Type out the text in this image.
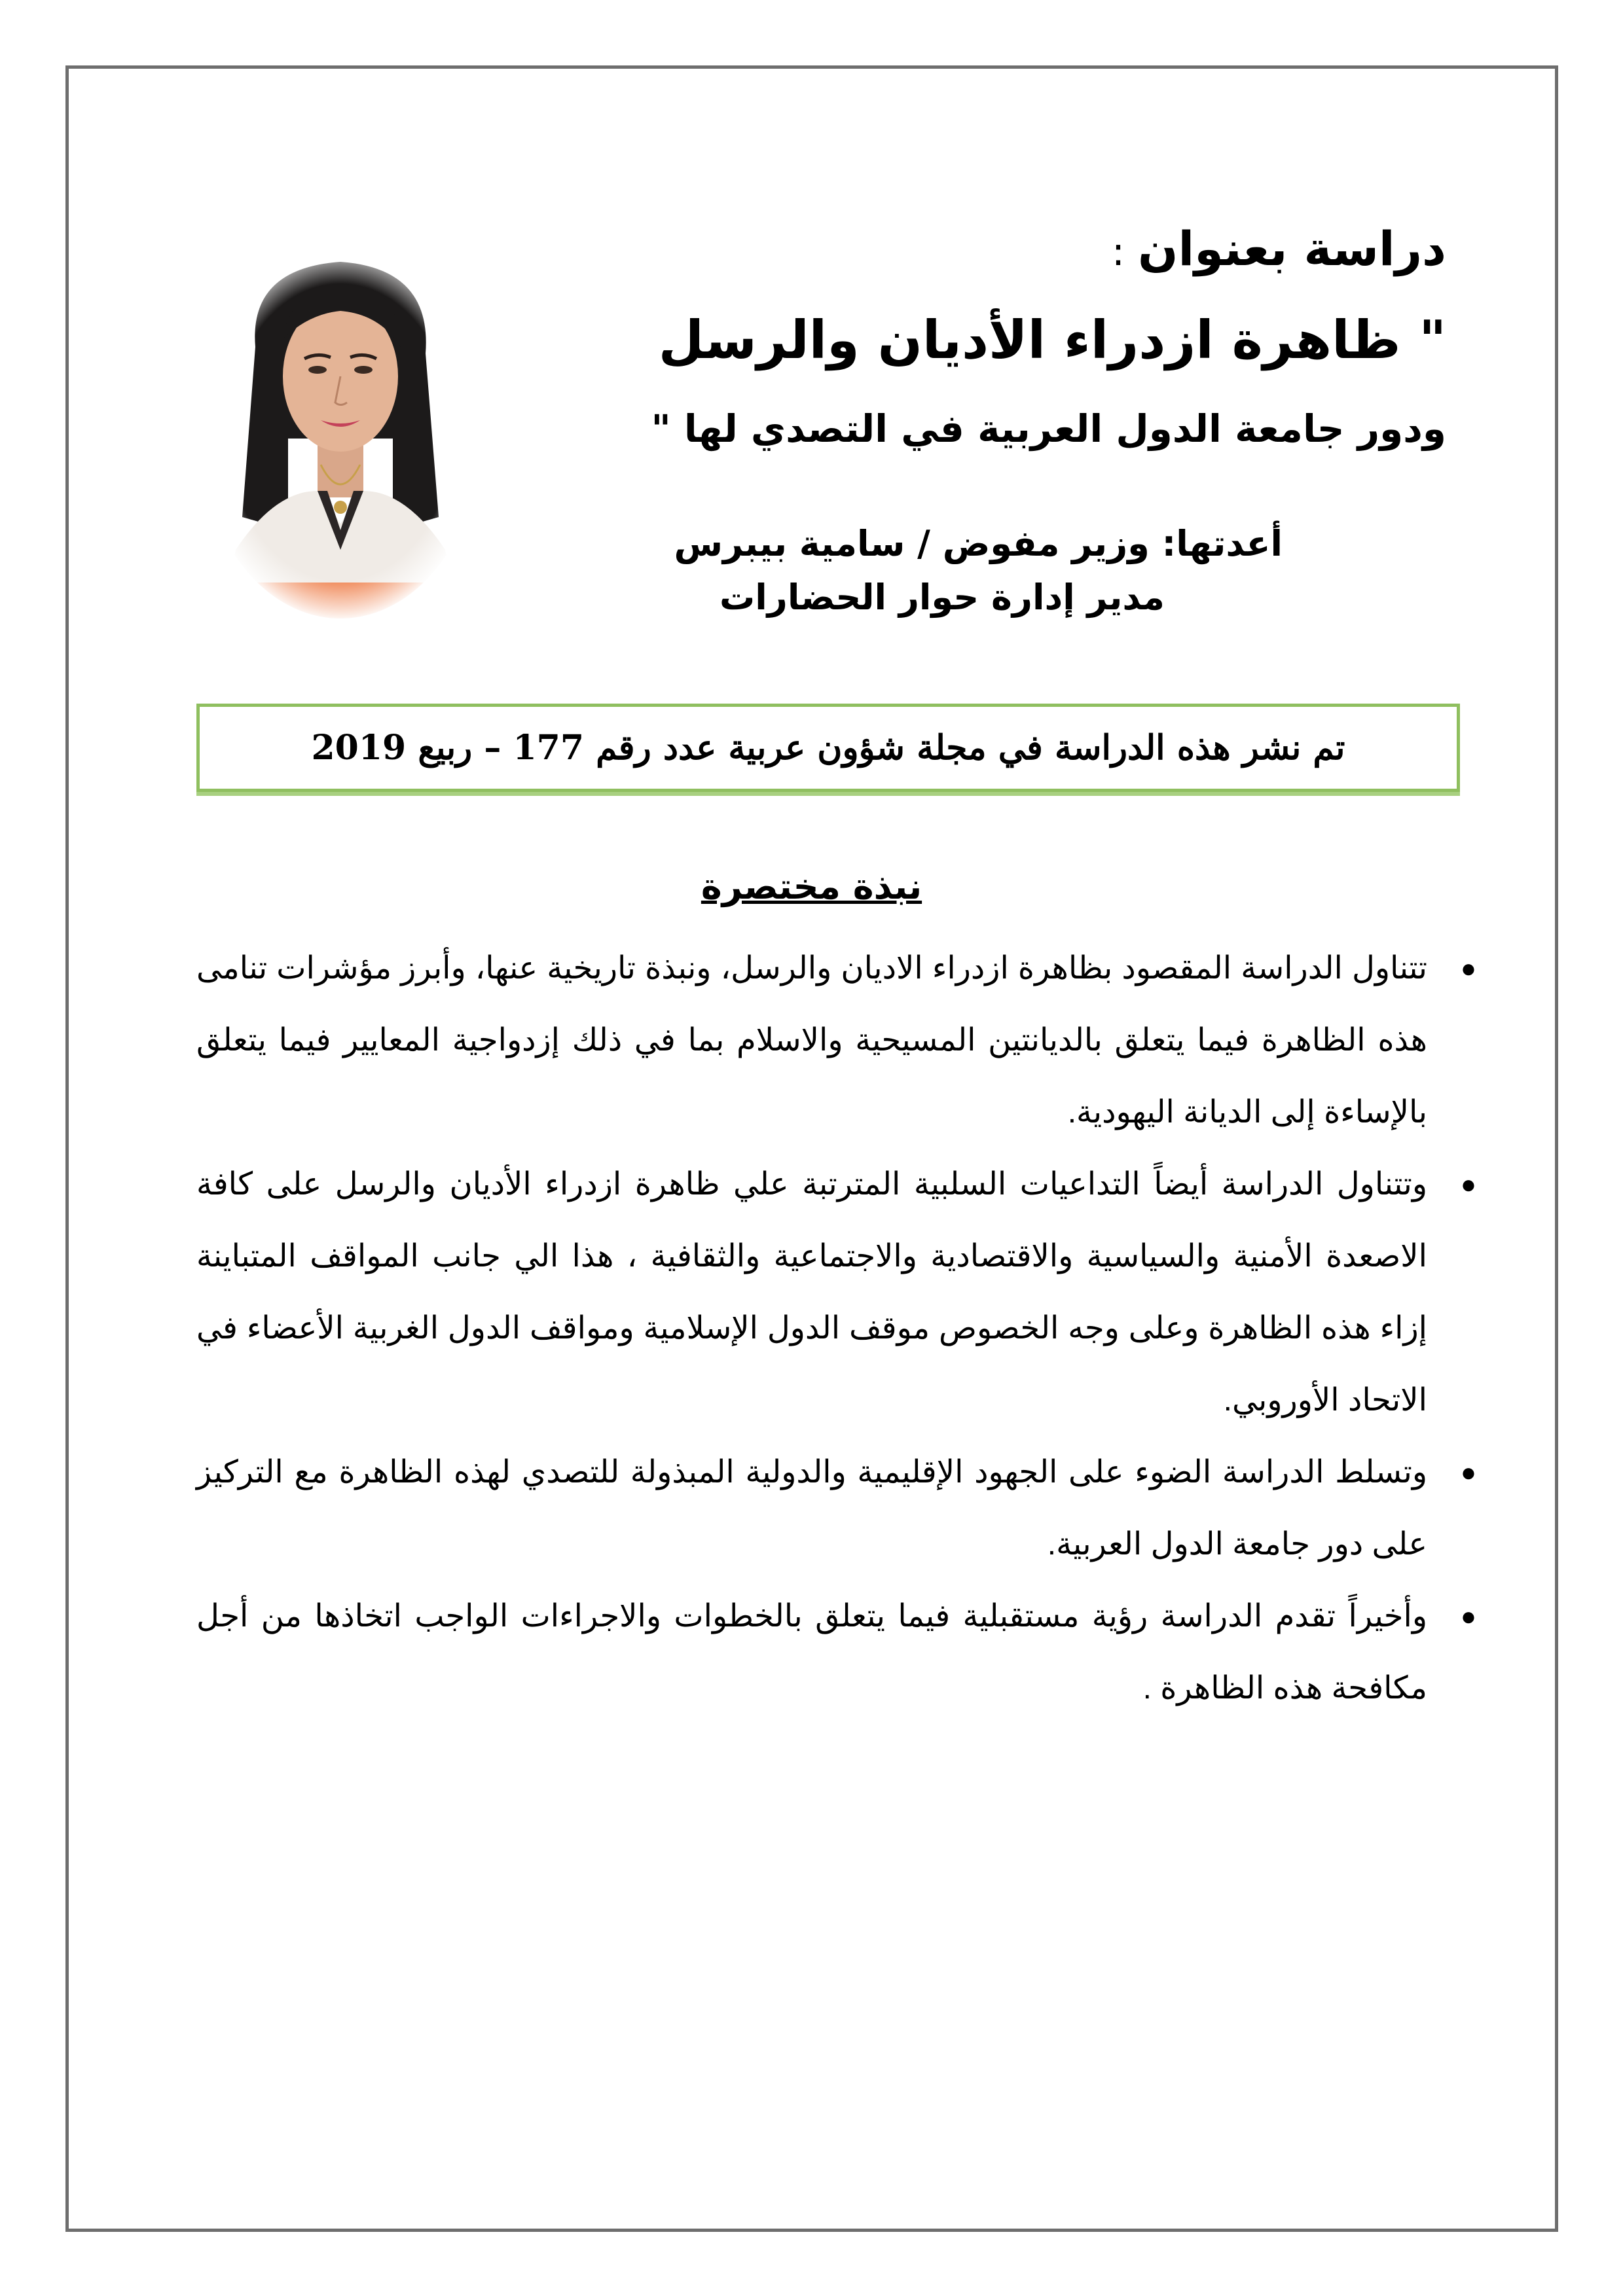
دراسة بعنوان:
" ظاهرة ازدراء الأديان والرسل
ودور جامعة الدول العربية في التصدي لها "
أعدتها: وزير مفوض / سامية بيبرس
مدير إدارة حوار الحضارات
تم نشر هذه الدراسة في مجلة شؤون عربية عدد رقم 177 – ربيع 2019
نبذة مختصرة
●
تتناول الدراسة المقصود بظاهرة ازدراء الاديان والرسل، ونبذة تاريخية عنها، وأبرز مؤشرات تنامى هذه الظاهرة فيما يتعلق بالديانتين المسيحية والاسلام بما في ذلك إزدواجية المعايير فيما يتعلق بالإساءة إلى الديانة اليهودية.
●
وتتناول الدراسة أيضاً التداعيات السلبية المترتبة علي ظاهرة ازدراء الأديان والرسل على كافة الاصعدة الأمنية والسياسية والاقتصادية والاجتماعية والثقافية ، هذا الي جانب المواقف المتباينة إزاء هذه الظاهرة وعلى وجه الخصوص موقف الدول الإسلامية ومواقف الدول الغربية الأعضاء في الاتحاد الأوروبي.
●
وتسلط الدراسة الضوء على الجهود الإقليمية والدولية المبذولة للتصدي لهذه الظاهرة مع التركيز على دور جامعة الدول العربية.
●
وأخيراً تقدم الدراسة رؤية مستقبلية فيما يتعلق بالخطوات والاجراءات الواجب اتخاذها من أجل مكافحة هذه الظاهرة .
